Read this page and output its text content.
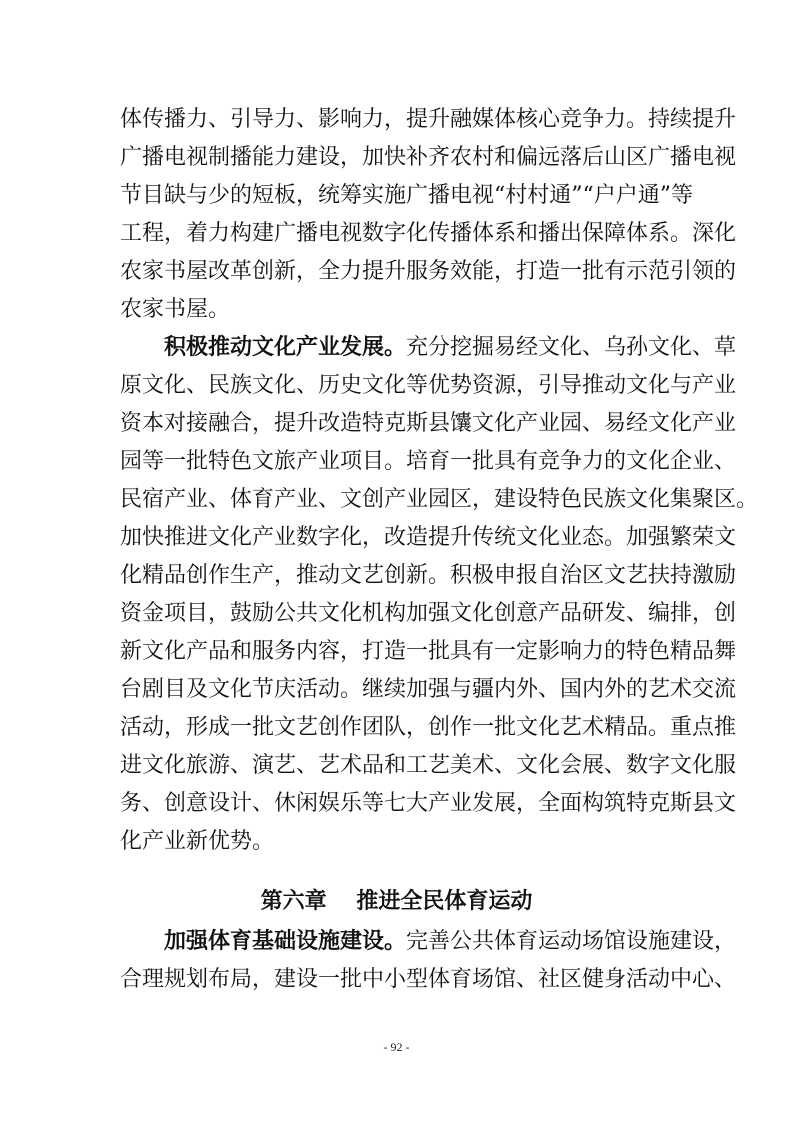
体传播力、引导力、影响力，提升融媒体核心竞争力。持续提升
广播电视制播能力建设，加快补齐农村和偏远落后山区广播电视
节目缺与少的短板，统筹实施广播电视“村村通”“户户通”等
工程，着力构建广播电视数字化传播体系和播出保障体系。深化
农家书屋改革创新，全力提升服务效能，打造一批有示范引领的
农家书屋。
积极推动文化产业发展。充分挖掘易经文化、乌孙文化、草
原文化、民族文化、历史文化等优势资源，引导推动文化与产业
资本对接融合，提升改造特克斯县馕文化产业园、易经文化产业
园等一批特色文旅产业项目。培育一批具有竞争力的文化企业、
民宿产业、体育产业、文创产业园区，建设特色民族文化集聚区。
加快推进文化产业数字化，改造提升传统文化业态。加强繁荣文
化精品创作生产，推动文艺创新。积极申报自治区文艺扶持激励
资金项目，鼓励公共文化机构加强文化创意产品研发、编排，创
新文化产品和服务内容，打造一批具有一定影响力的特色精品舞
台剧目及文化节庆活动。继续加强与疆内外、国内外的艺术交流
活动，形成一批文艺创作团队，创作一批文化艺术精品。重点推
进文化旅游、演艺、艺术品和工艺美术、文化会展、数字文化服
务、创意设计、休闲娱乐等七大产业发展，全面构筑特克斯县文
化产业新优势。
第六章　 推进全民体育运动
加强体育基础设施建设。完善公共体育运动场馆设施建设，
合理规划布局，建设一批中小型体育场馆、社区健身活动中心、
- 92 -
